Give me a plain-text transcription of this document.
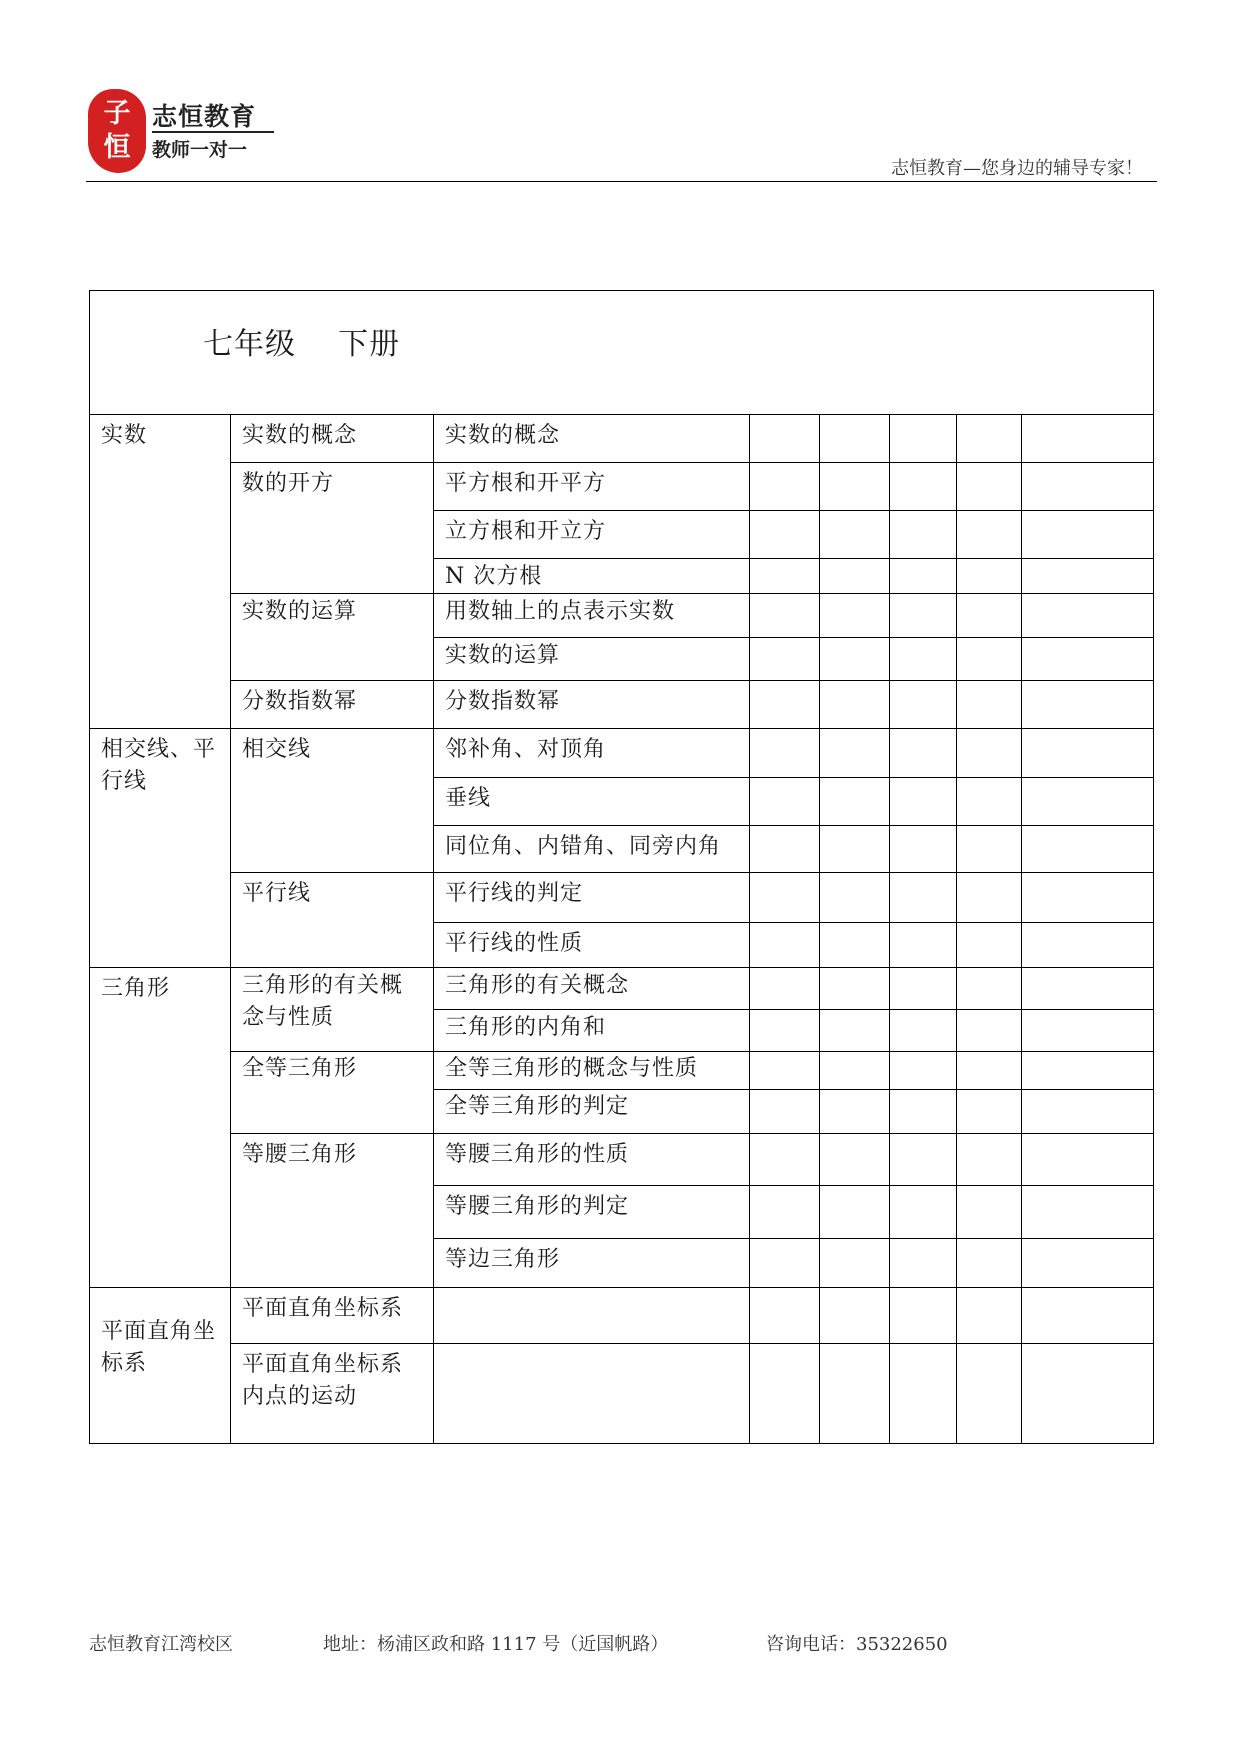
子
恒
志恒教育
教师一对一
志恒教育—您身边的辅导专家！
七年级    下册							

实数	实数的概念	实数的概念					

	数的开方	平方根和开平方					

		立方根和开立方					

		N 次方根					

	实数的运算	用数轴上的点表示实数					

		实数的运算					

	分数指数幂	分数指数幂					

相交线、平行线	相交线	邻补角、对顶角					

		垂线					

		同位角、内错角、同旁内角					

	平行线	平行线的判定					

		平行线的性质					

三角形	三角形的有关概念与性质	三角形的有关概念					

		三角形的内角和					

	全等三角形	全等三角形的概念与性质					

		全等三角形的判定					

	等腰三角形	等腰三角形的性质					

		等腰三角形的判定					

		等边三角形					

平面直角坐标系	平面直角坐标系						

	平面直角坐标系内点的运动						

志恒教育江湾校区	地址：杨浦区政和路 1117 号（近国帆路）	咨询电话：35322650
